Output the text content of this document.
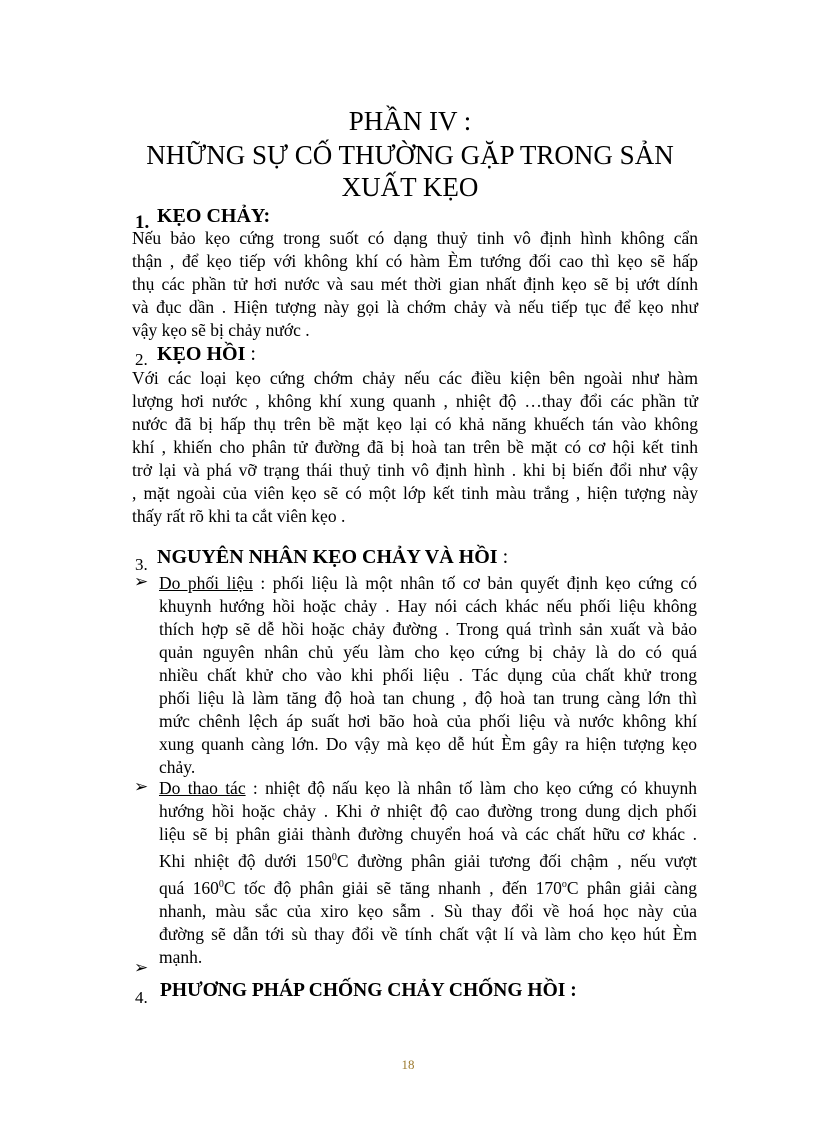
PHẦN IV :
NHỮNG SỰ CỐ THƯỜNG GẶP TRONG SẢN
XUẤT KẸO
1. KẸO CHẢY:
Nếu bảo kẹo cứng trong suốt có dạng thuỷ tinh vô định hình không cẩn
thận , để kẹo tiếp với không khí có hàm Èm tướng đối cao thì kẹo sẽ hấp
thụ các phần tử hơi nước và sau mét thời gian nhất định kẹo sẽ bị ướt dính
và đục dần . Hiện tượng này gọi là chớm chảy và nếu tiếp tục để kẹo như
vậy kẹo sẽ bị chảy nước .
2. KẸO HỒI :
Với các loại kẹo cứng chớm chảy nếu các điều kiện bên ngoài như hàm
lượng hơi nước , không khí xung quanh , nhiệt độ …thay đổi các phần tử
nước đã bị hấp thụ trên bề mặt kẹo lại có khả năng khuếch tán vào không
khí , khiến cho phân tử đường đã bị hoà tan trên bề mặt có cơ hội kết tinh
trở lại và phá vỡ trạng thái thuỷ tinh vô định hình . khi bị biến đổi như vậy
, mặt ngoài của viên kẹo sẽ có một lớp kết tinh màu trắng , hiện tượng này
thấy rất rõ khi ta cắt viên kẹo .
3. NGUYÊN NHÂN KẸO CHẢY VÀ HỒI :
➢ Do phối liệu : phối liệu là một nhân tố cơ bản quyết định kẹo cứng có
khuynh hướng hồi hoặc chảy . Hay nói cách khác nếu phối liệu không
thích hợp sẽ dễ hồi hoặc chảy đường . Trong quá trình sản xuất và bảo
quản nguyên nhân chủ yếu làm cho kẹo cứng bị chảy là do có quá
nhiều chất khử cho vào khi phối liệu . Tác dụng của chất khử trong
phối liệu là làm tăng độ hoà tan chung , độ hoà tan trung càng lớn thì
mức chênh lệch áp suất hơi bão hoà của phối liệu và nước không khí
xung quanh càng lớn. Do vậy mà kẹo dễ hút Èm gây ra hiện tượng kẹo
chảy.
➢ Do thao tác : nhiệt độ nấu kẹo là nhân tố làm cho kẹo cứng có khuynh
hướng hồi hoặc chảy . Khi ở nhiệt độ cao đường trong dung dịch phối
liệu sẽ bị phân giải thành đường chuyển hoá và các chất hữu cơ khác .
Khi nhiệt độ dưới $150^0C$ đường phân giải tương đối chậm , nếu vượt
quá $160^0C$ tốc độ phân giải sẽ tăng nhanh , đến 170$^o$C phân giải càng
nhanh, màu sắc của xiro kẹo sẫm . Sù thay đổi về hoá học này của
đường sẽ dẫn tới sù thay đổi về tính chất vật lí và làm cho kẹo hút Èm
mạnh.
➢
4. PHƯƠNG PHÁP CHỐNG CHẢY CHỐNG HỒI :
18
